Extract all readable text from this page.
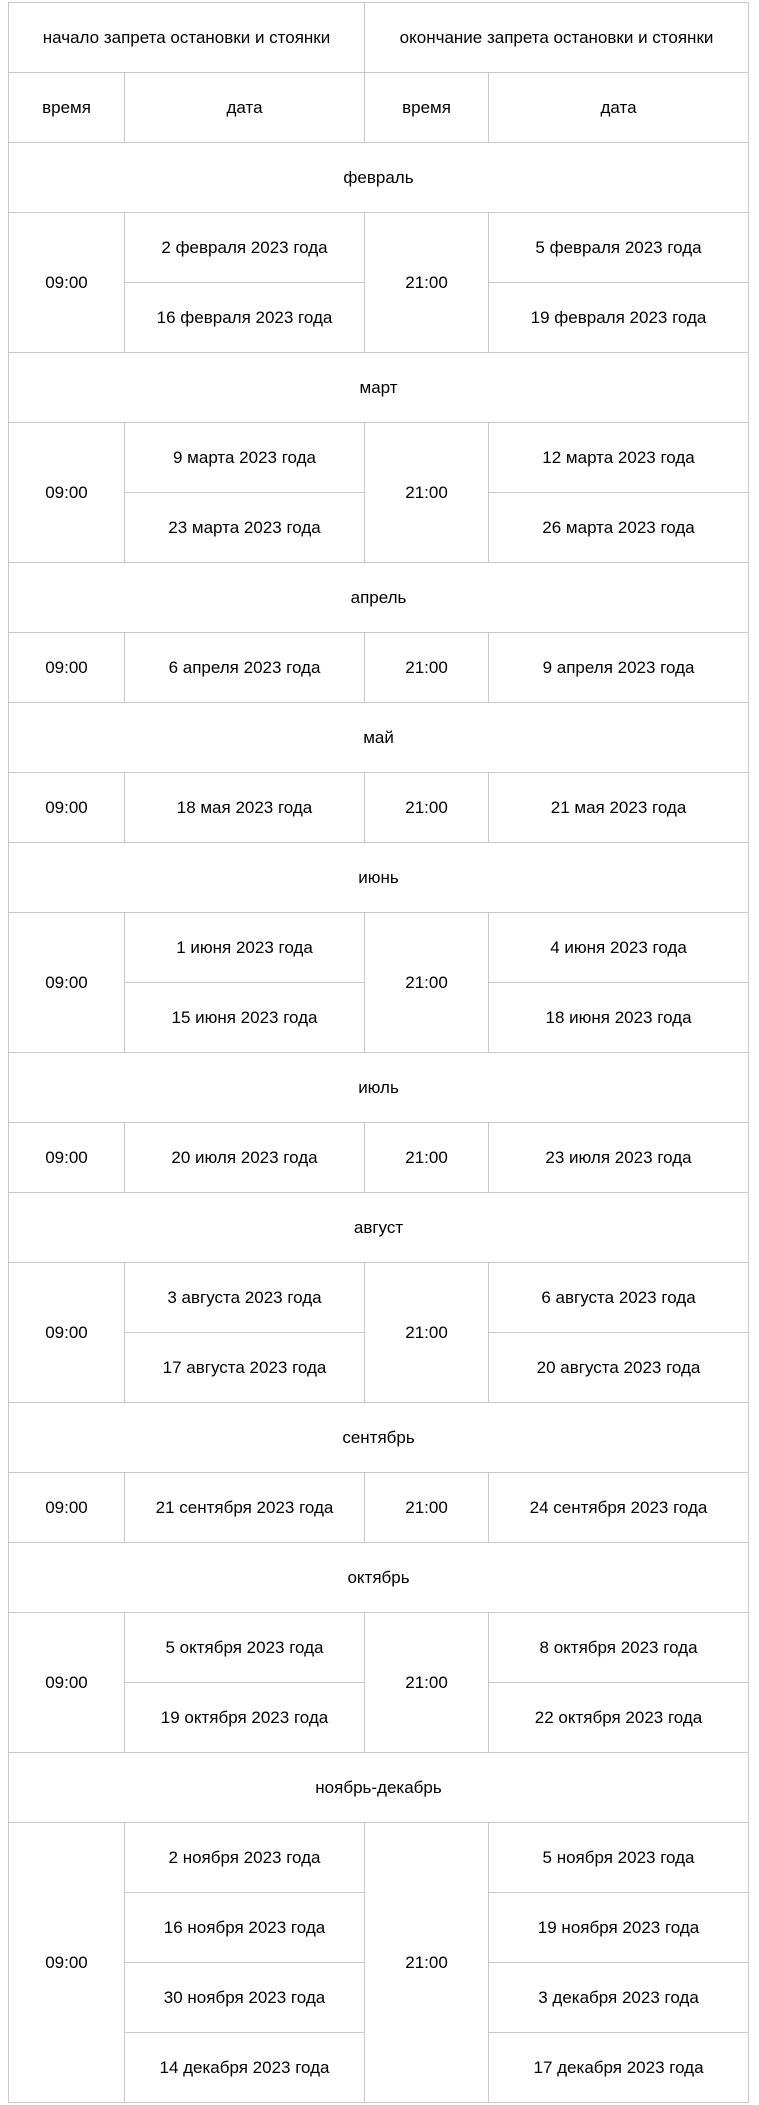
начало запрета остановки и стоянки		окончание запрета остановки и стоянки	
время	дата	время	дата
февраль			
09:00	2 февраля 2023 года	21:00	5 февраля 2023 года
	16 февраля 2023 года		19 февраля 2023 года
март			
09:00	9 марта 2023 года	21:00	12 марта 2023 года
	23 марта 2023 года		26 марта 2023 года
апрель			
09:00	6 апреля 2023 года	21:00	9 апреля 2023 года
май			
09:00	18 мая 2023 года	21:00	21 мая 2023 года
июнь			
09:00	1 июня 2023 года	21:00	4 июня 2023 года
	15 июня 2023 года		18 июня 2023 года
июль			
09:00	20 июля 2023 года	21:00	23 июля 2023 года
август			
09:00	3 августа 2023 года	21:00	6 августа 2023 года
	17 августа 2023 года		20 августа 2023 года
сентябрь			
09:00	21 сентября 2023 года	21:00	24 сентября 2023 года
октябрь			
09:00	5 октября 2023 года	21:00	8 октября 2023 года
	19 октября 2023 года		22 октября 2023 года
ноябрь-декабрь			
09:00	2 ноября 2023 года	21:00	5 ноября 2023 года
	16 ноября 2023 года		19 ноября 2023 года
	30 ноября 2023 года		3 декабря 2023 года
	14 декабря 2023 года		17 декабря 2023 года
